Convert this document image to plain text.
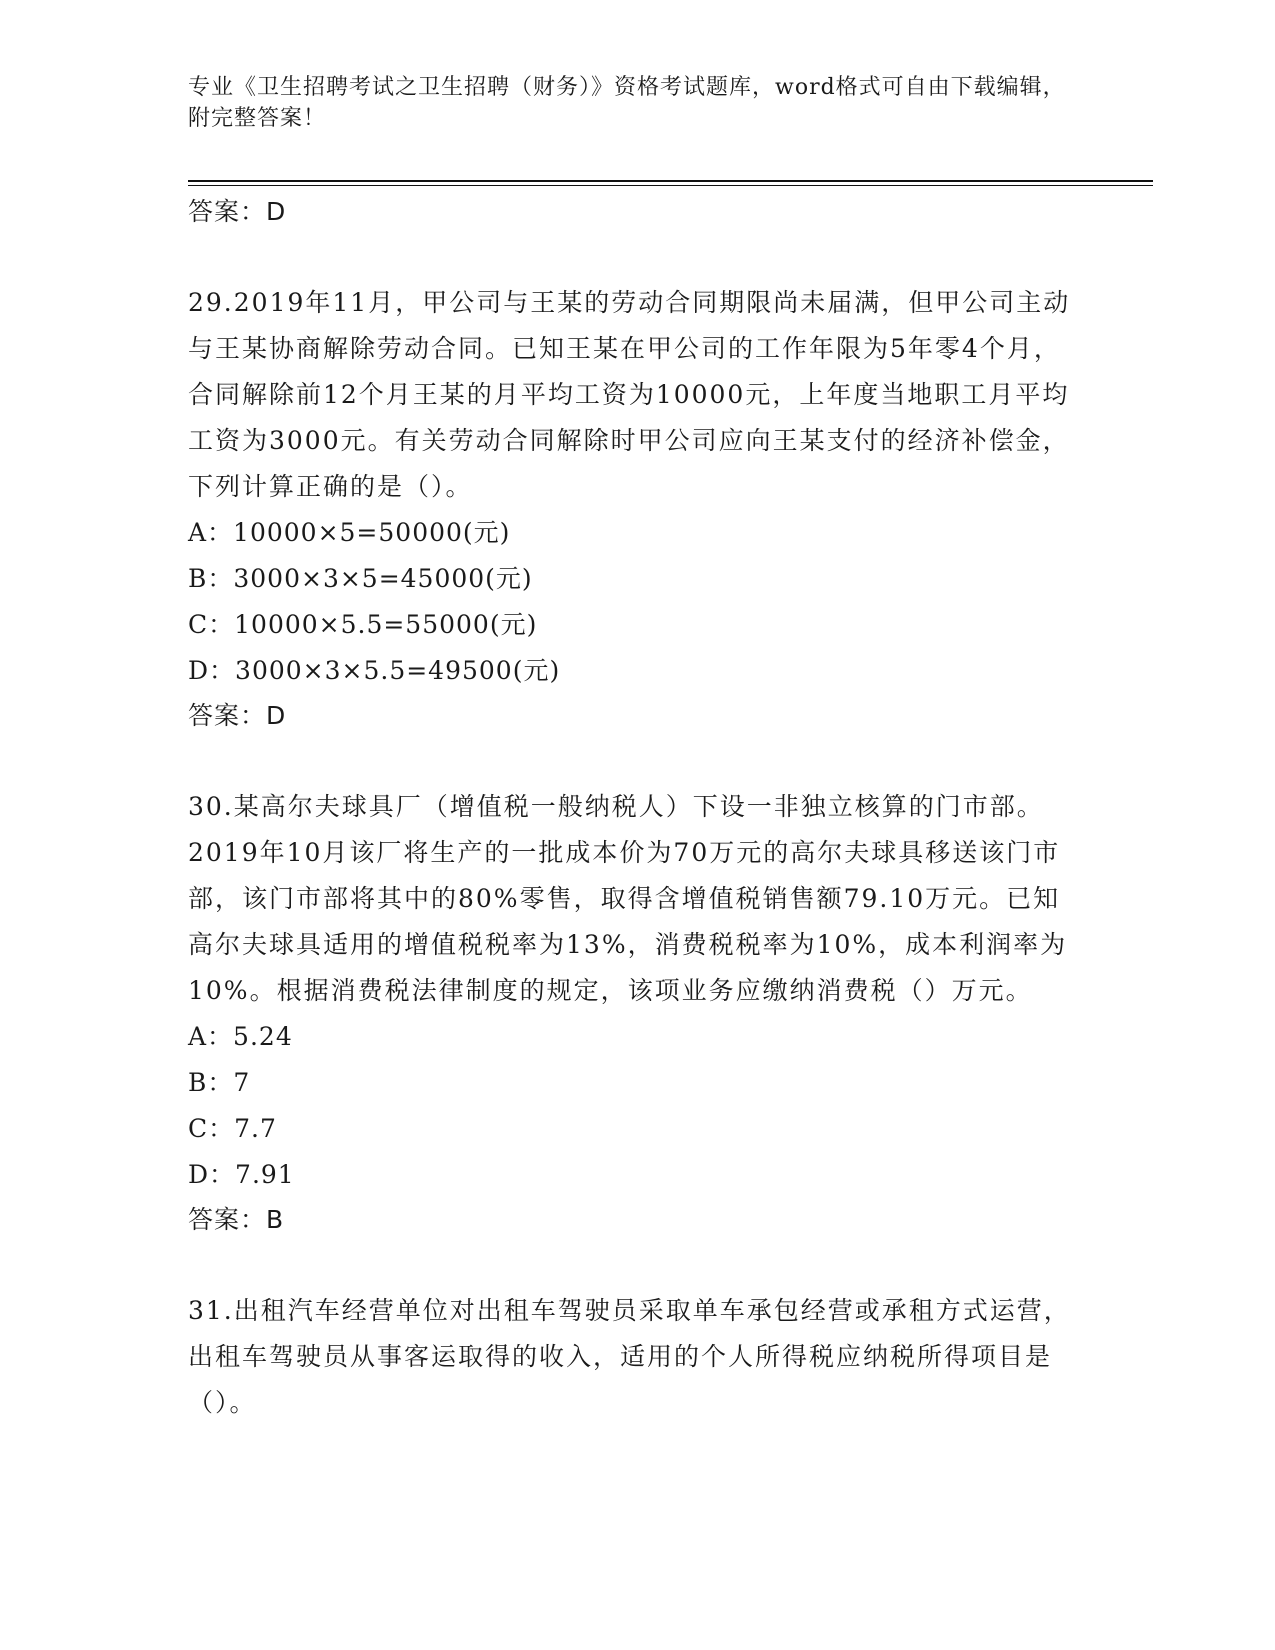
专业《卫生招聘考试之卫生招聘（财务）》资格考试题库，word格式可自由下载编辑，附完整答案！
答案：D
29.2019年11月，甲公司与王某的劳动合同期限尚未届满，但甲公司主动与王某协商解除劳动合同。已知王某在甲公司的工作年限为5年零4个月，合同解除前12个月王某的月平均工资为10000元，上年度当地职工月平均工资为3000元。有关劳动合同解除时甲公司应向王某支付的经济补偿金，下列计算正确的是（）。
A：10000×5=50000(元)
B：3000×3×5=45000(元)
C：10000×5.5=55000(元)
D：3000×3×5.5=49500(元)
答案：D
30.某高尔夫球具厂（增值税一般纳税人）下设一非独立核算的门市部。2019年10月该厂将生产的一批成本价为70万元的高尔夫球具移送该门市部，该门市部将其中的80%零售，取得含增值税销售额79.10万元。已知高尔夫球具适用的增值税税率为13%，消费税税率为10%，成本利润率为10%。根据消费税法律制度的规定，该项业务应缴纳消费税（）万元。
A：5.24
B：7
C：7.7
D：7.91
答案：B
31.出租汽车经营单位对出租车驾驶员采取单车承包经营或承租方式运营，出租车驾驶员从事客运取得的收入，适用的个人所得税应纳税所得项目是（）。
